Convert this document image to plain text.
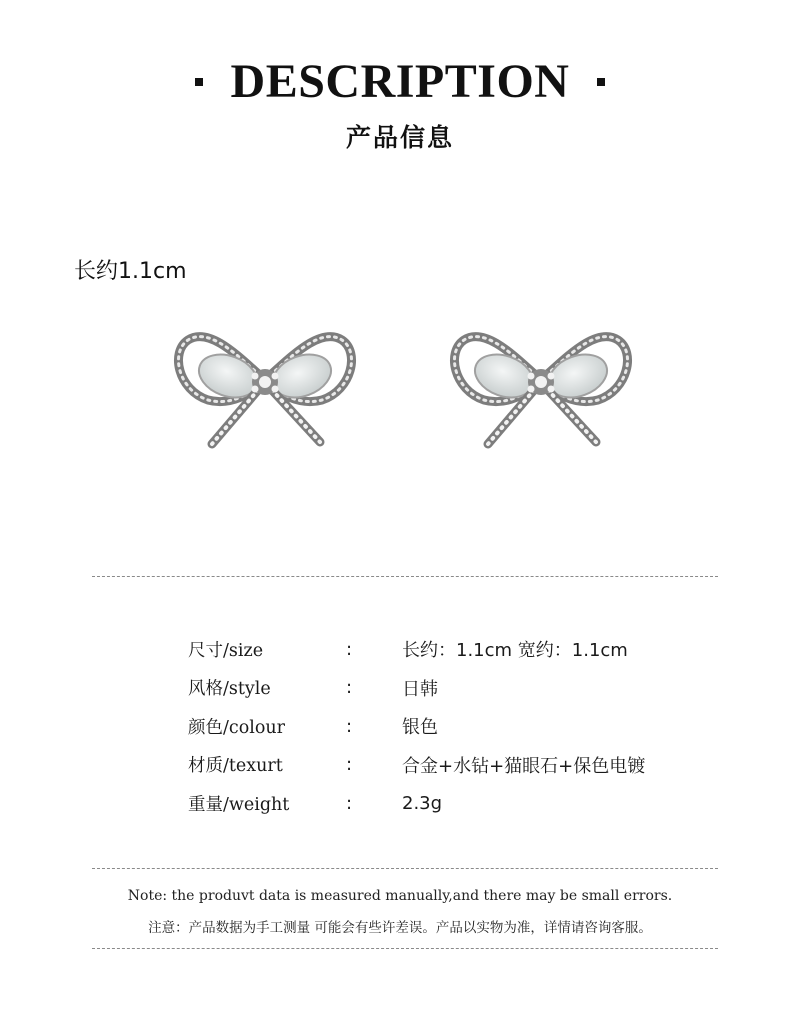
DESCRIPTION
产品信息
长约1.1cm
尺寸/size	:	长约：1.1cm 宽约：1.1cm
风格/style	:	日韩
颜色/colour	:	银色
材质/texurt	:	合金+水钻+猫眼石+保色电镀
重量/weight	:	2.3g
Note: the produvt data is measured manually,and there may be small errors.
注意：产品数据为手工测量 可能会有些许差误。产品以实物为准，详情请咨询客服。
